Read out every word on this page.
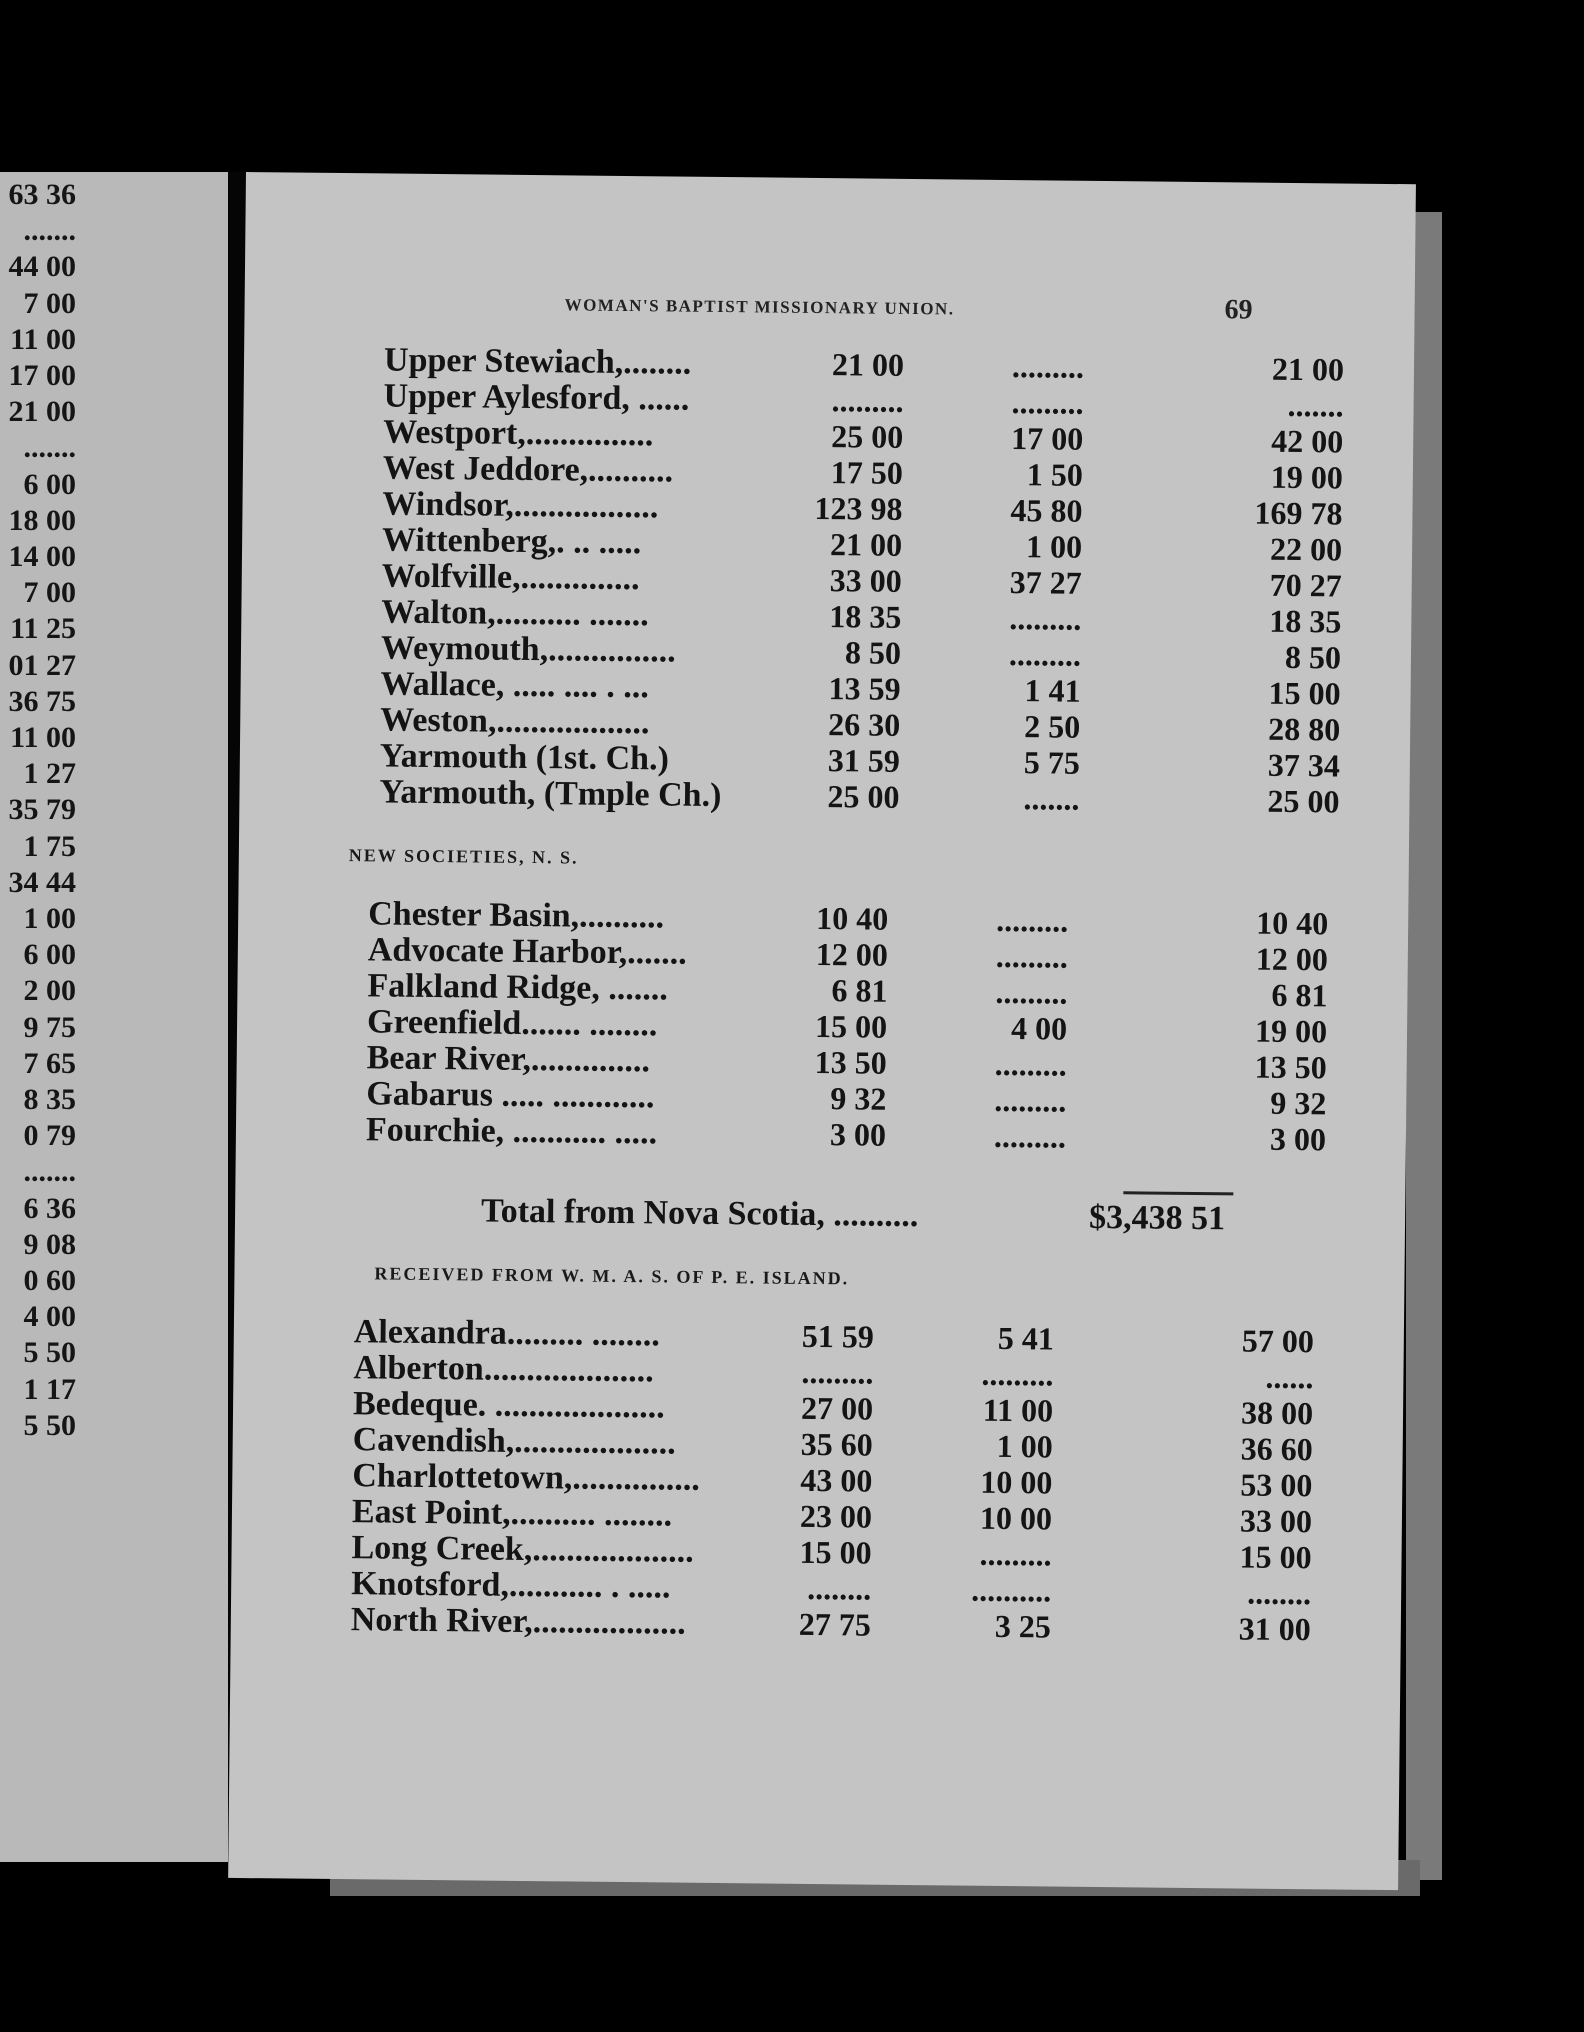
63 36
.......
44 00
7 00
11 00
17 00
21 00
.......
6 00
18 00
14 00
7 00
11 25
01 27
36 75
11 00
1 27
35 79
1 75
34 44
1 00
6 00
2 00
9 75
7 65
8 35
0 79
.......
6 36
9 08
0 60
4 00
5 50
1 17
5 50
WOMAN'S BAPTIST MISSIONARY UNION.	69
Upper Stewiach,........	21 00	.........	21 00
Upper Aylesford, ......	.........	.........	.......
Westport,...............	25 00	17 00	42 00
West Jeddore,..........	17 50	1 50	19 00
Windsor,.................	123 98	45 80	169 78
Wittenberg,. .. .....	21 00	1 00	22 00
Wolfville,..............	33 00	37 27	70 27
Walton,.......... .......	18 35	.........	18 35
Weymouth,...............	8 50	.........	8 50
Wallace, ..... .... . ...	13 59	1 41	15 00
Weston,..................	26 30	2 50	28 80
Yarmouth (1st. Ch.)	31 59	5 75	37 34
Yarmouth, (Tmple Ch.)	25 00	.......	25 00
NEW SOCIETIES, N. S.
Chester Basin,..........	10 40	.........	10 40
Advocate Harbor,.......	12 00	.........	12 00
Falkland Ridge, .......	6 81	.........	6 81
Greenfield....... ........	15 00	4 00	19 00
Bear River,..............	13 50	.........	13 50
Gabarus ..... ............	9 32	.........	9 32
Fourchie, ........... .....	3 00	.........	3 00
Total from Nova Scotia, ..........	$3,438 51
RECEIVED FROM W. M. A. S. OF P. E. ISLAND.
Alexandra......... ........	51 59	5 41	57 00
Alberton....................	.........	.........	......
Bedeque. ....................	27 00	11 00	38 00
Cavendish,...................	35 60	1 00	36 60
Charlottetown,...............	43 00	10 00	53 00
East Point,.......... ........	23 00	10 00	33 00
Long Creek,...................	15 00	.........	15 00
Knotsford,........... . .....	........	..........	........
North River,..................	27 75	3 25	31 00
